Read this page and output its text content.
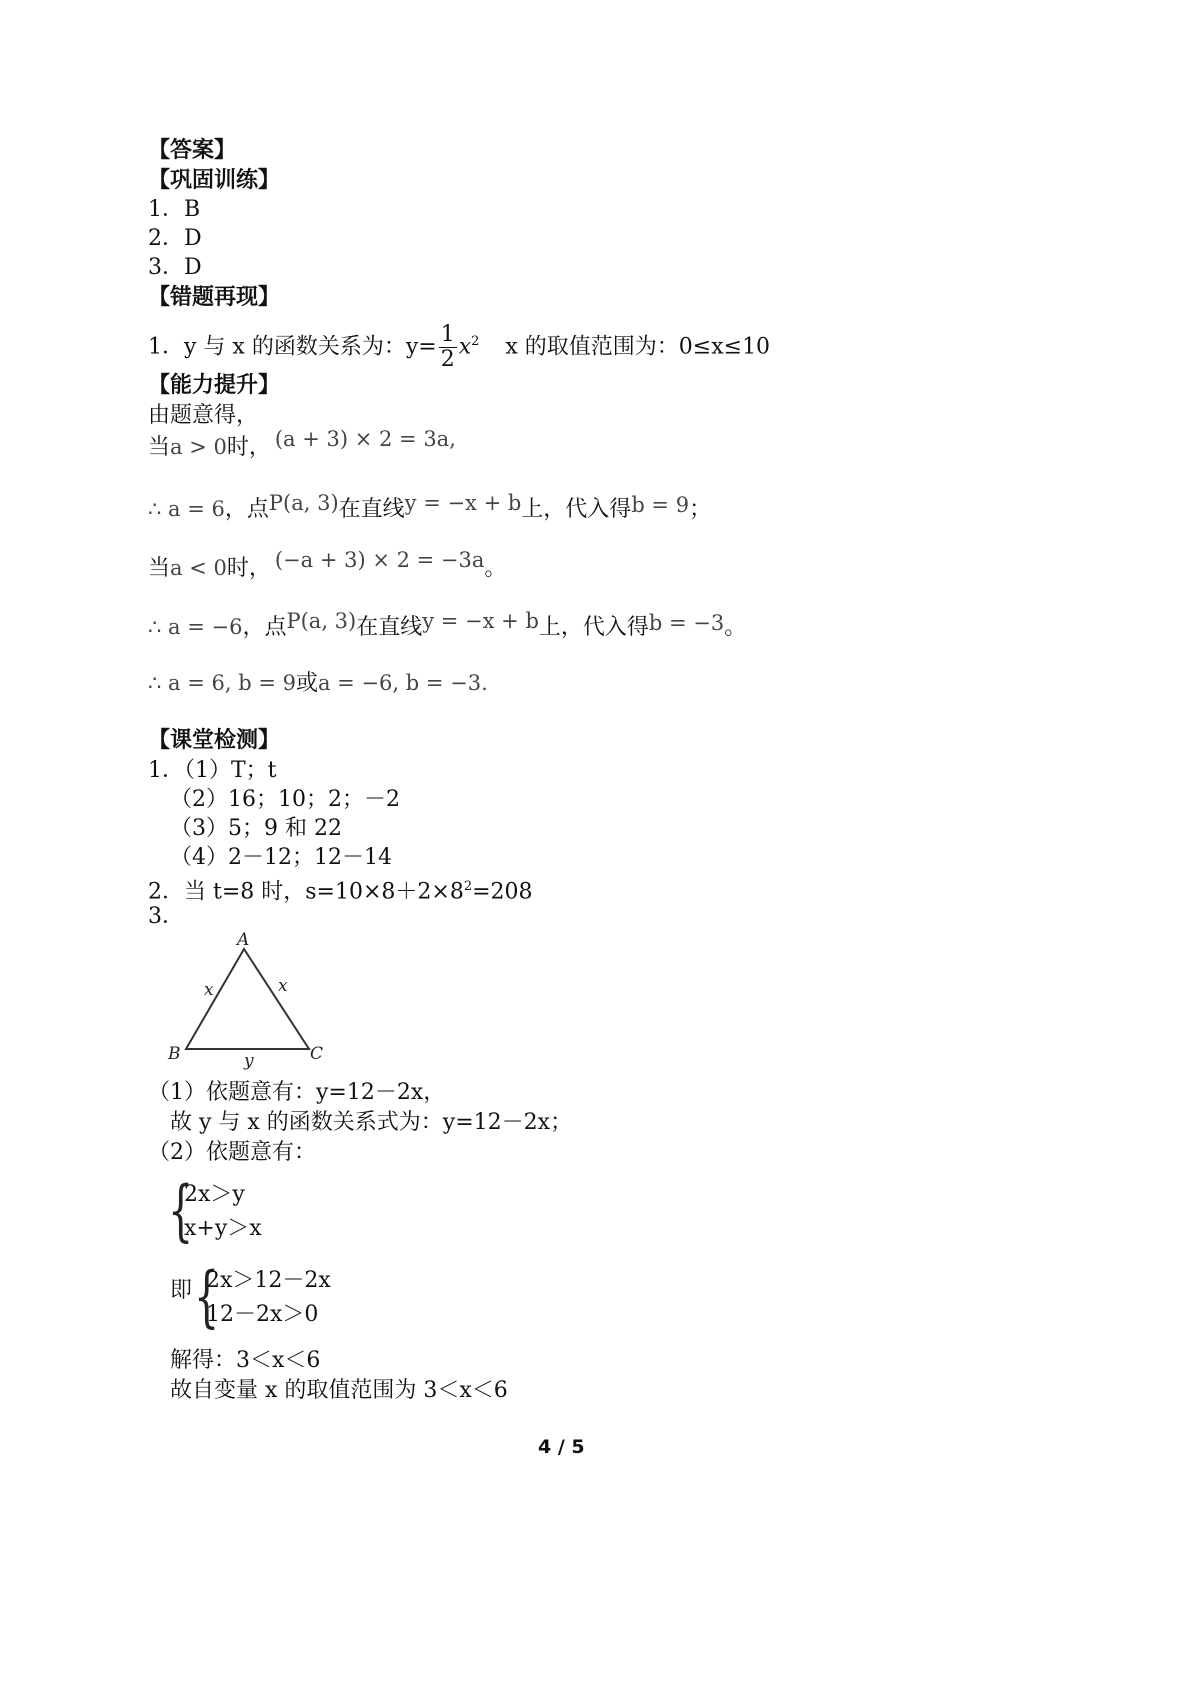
【答案】
【巩固训练】
1．B
2．D
3．D
【错题再现】
1．y 与 x 的函数关系为：$y= \frac{1}{2} x^2$ x 的取值范围为：0≤x≤10
【能力提升】
由题意得，
当a > 0时， (a + 3) × 2 = 3a,
∴ a = 6，点P(a, 3)在直线y = −x + b上，代入得b = 9；
当a < 0时， (−a + 3) × 2 = −3a。
∴ a = −6，点P(a, 3)在直线y = −x + b上，代入得b = −3。
∴ a = 6, b = 9或a = −6, b = −3.
【课堂检测】
1．（1）T；t
（2）16；10；2；－2
（3）5；9 和 22
（4）2－12；12－14
2．当 t=8 时，$s=10\times 8+2\times 8^2=208$
3．
A
B	C
x	x
y
（1）依题意有：y=12－2x，
故 y 与 x 的函数关系式为：y=12－2x；
（2）依题意有：
{
2x＞y
x+y＞x
即 {
2x＞12－2x
12－2x＞0
解得：3＜x＜6
故自变量 x 的取值范围为 3＜x＜6
4 / 5
